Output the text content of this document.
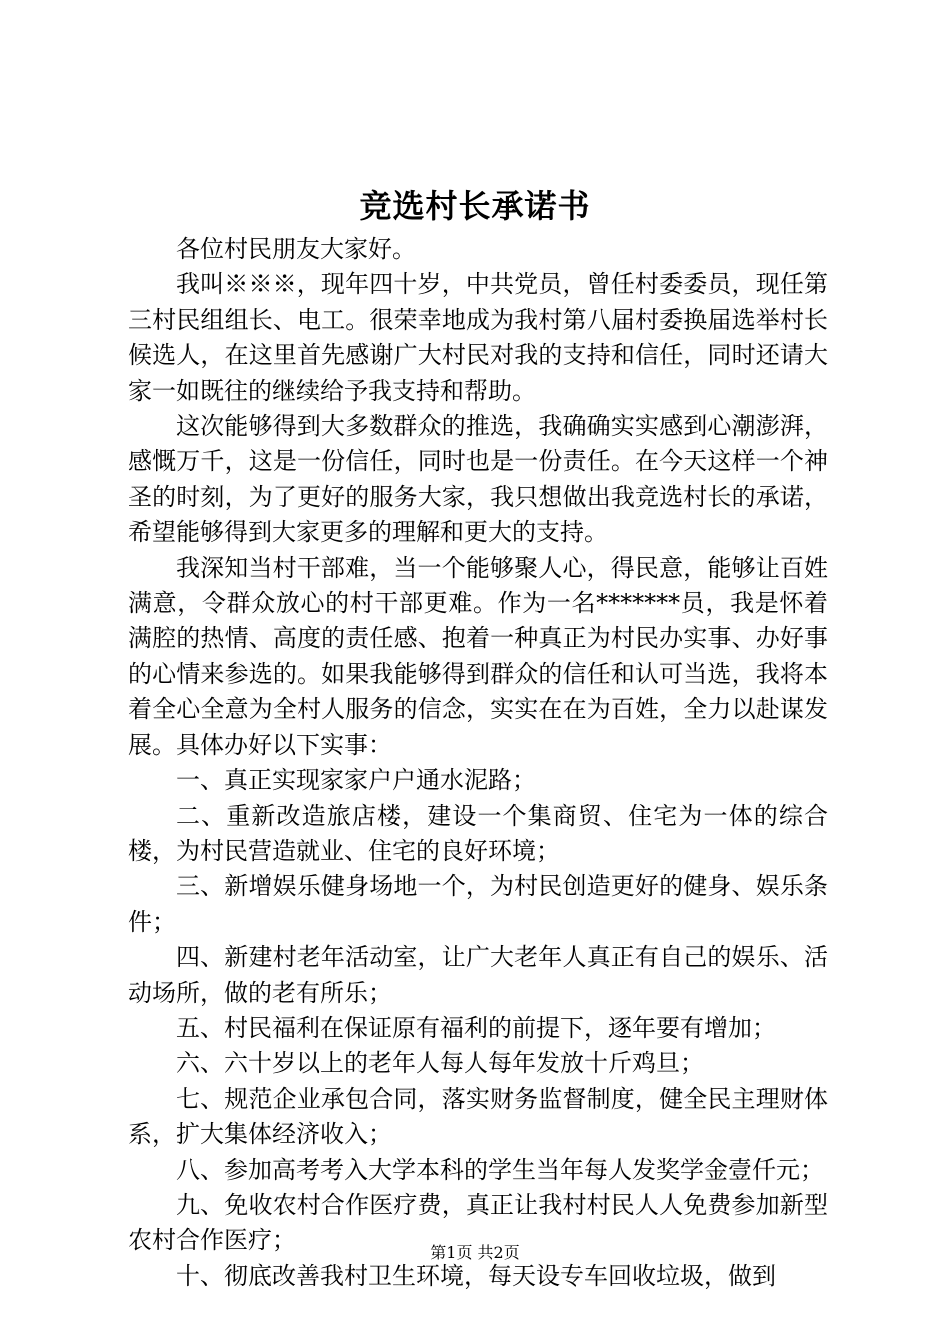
竞选村长承诺书

各位村民朋友大家好。

我叫※※※，现年四十岁，中共党员，曾任村委委员，现任第三村民组组长、电工。很荣幸地成为我村第八届村委换届选举村长候选人，在这里首先感谢广大村民对我的支持和信任，同时还请大家一如既往的继续给予我支持和帮助。

这次能够得到大多数群众的推选，我确确实实感到心潮澎湃，感慨万千，这是一份信任，同时也是一份责任。在今天这样一个神圣的时刻，为了更好的服务大家，我只想做出我竞选村长的承诺，希望能够得到大家更多的理解和更大的支持。

我深知当村干部难，当一个能够聚人心，得民意，能够让百姓满意，令群众放心的村干部更难。作为一名*******员，我是怀着满腔的热情、高度的责任感、抱着一种真正为村民办实事、办好事的心情来参选的。如果我能够得到群众的信任和认可当选，我将本着全心全意为全村人服务的信念，实实在在为百姓，全力以赴谋发展。具体办好以下实事：

一、真正实现家家户户通水泥路；

二、重新改造旅店楼，建设一个集商贸、住宅为一体的综合楼，为村民营造就业、住宅的良好环境；

三、新增娱乐健身场地一个，为村民创造更好的健身、娱乐条件；

四、新建村老年活动室，让广大老年人真正有自己的娱乐、活动场所，做的老有所乐；

五、村民福利在保证原有福利的前提下，逐年要有增加；

六、六十岁以上的老年人每人每年发放十斤鸡旦；

七、规范企业承包合同，落实财务监督制度，健全民主理财体系，扩大集体经济收入；

八、参加高考考入大学本科的学生当年每人发奖学金壹仟元；

九、免收农村合作医疗费，真正让我村村民人人免费参加新型农村合作医疗；

十、彻底改善我村卫生环境，每天设专车回收垃圾，做到

第1页 共2页
